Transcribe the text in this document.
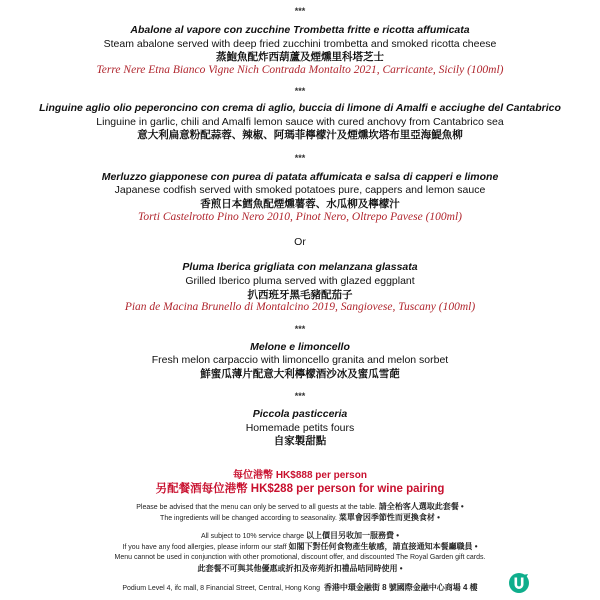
***
Abalone al vapore con zucchine Trombetta fritte e ricotta affumicata
Steam abalone served with deep fried zucchini trombetta and smoked ricotta cheese
蒸鮑魚配炸西葫蘆及煙燻里科塔芝士
Terre Nere Etna Bianco Vigne Nich Contrada Montalto 2021, Carricante, Sicily (100ml)
***
Linguine aglio olio peperoncino con crema di aglio, buccia di limone di Amalfi e acciughe del Cantabrico
Linguine in garlic, chili and Amalfi lemon sauce with cured anchovy from Cantabrico sea
意大利扁意粉配蒜蓉、辣椒、阿瑪菲檸檬汁及煙燻坎塔布里亞海鯷魚柳
***
Merluzzo giapponese con purea di patata affumicata e salsa di capperi e limone
Japanese codfish served with smoked potatoes pure, cappers and lemon sauce
香煎日本鱈魚配煙燻薯蓉、水瓜柳及檸檬汁
Torti Castelrotto Pino Nero 2010, Pinot Nero, Oltrepo Pavese (100ml)
Or
Pluma Iberica grigliata con melanzana glassata
Grilled Iberico pluma served with glazed eggplant
扒西班牙黑毛豬配茄子
Pian de Macina Brunello di Montalcino 2019, Sangiovese, Tuscany (100ml)
***
Melone e limoncello
Fresh melon carpaccio with limoncello granita and melon sorbet
鮮蜜瓜薄片配意大利檸檬酒沙冰及蜜瓜雪葩
***
Piccola pasticceria
Homemade petits fours
自家製甜點
每位港幣 HK$888 per person
另配餐酒每位港幣 HK$288 per person for wine pairing
Please be advised that the menu can only be served to all guests at the table. 請全枱客人選取此套餐 •
The ingredients will be changed according to seasonality. 菜單會因季節性而更換食材 •
All subject to 10% service charge 以上價目另收加一服務費 •
If you have any food allergies, please inform our staff 如閣下對任何食物產生敏感，請直接通知本餐廳職員 •
Menu cannot be used in conjunction with other promotional, discount offer, and discounted The Royal Garden gift cards.
此套餐不可與其他優惠或折扣及帝苑折扣禮品咭同時使用 •
Podium Level 4, ifc mall, 8 Financial Street, Central, Hong Kong 香港中環金融街 8 號國際金融中心商場 4 樓
